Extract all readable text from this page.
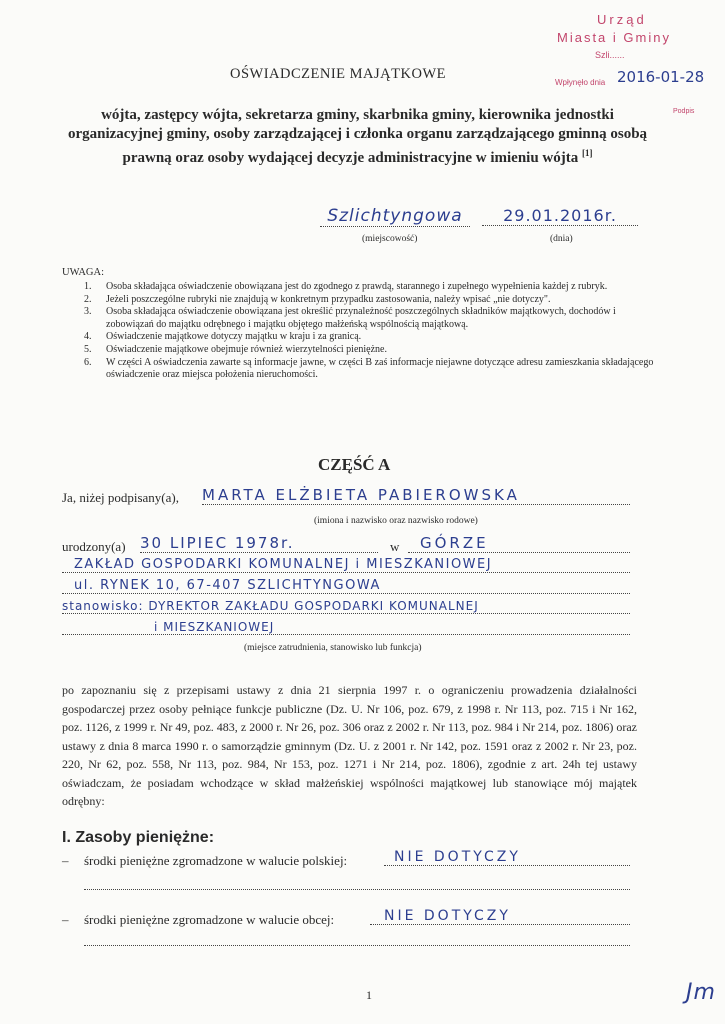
Urząd
Miasta i Gminy
Szli......
Wpłynęło dnia 2016-01-28
Podpis
OŚWIADCZENIE MAJĄTKOWE
wójta, zastępcy wójta, sekretarza gminy, skarbnika gminy, kierownika jednostki organizacyjnej gminy, osoby zarządzającej i członka organu zarządzającego gminną osobą prawną oraz osoby wydającej decyzje administracyjne w imieniu wójta [1]
Szlichtyngowa
(miejscowość)
29.01.2016r.
(dnia)
UWAGA:
1.	Osoba składająca oświadczenie obowiązana jest do zgodnego z prawdą, starannego i zupełnego wypełnienia każdej z rubryk.
2.	Jeżeli poszczególne rubryki nie znajdują w konkretnym przypadku zastosowania, należy wpisać „nie dotyczy".
3.	Osoba składająca oświadczenie obowiązana jest określić przynależność poszczególnych składników majątkowych, dochodów i zobowiązań do majątku odrębnego i majątku objętego małżeńską wspólnością majątkową.
4.	Oświadczenie majątkowe dotyczy majątku w kraju i za granicą.
5.	Oświadczenie majątkowe obejmuje również wierzytelności pieniężne.
6.	W części A oświadczenia zawarte są informacje jawne, w części B zaś informacje niejawne dotyczące adresu zamieszkania składającego oświadczenie oraz miejsca położenia nieruchomości.
CZĘŚĆ A
Ja, niżej podpisany(a), MARTA ELŻBIETA PABIEROWSKA
(imiona i nazwisko oraz nazwisko rodowe)
urodzony(a) 30 LIPIEC 1978r.	w	GÓRZE
ZAKŁAD GOSPODARKI KOMUNALNEJ i MIESZKANIOWEJ
ul. RYNEK 10, 67-407 SZLICHTYNGOWA
stanowisko: DYREKTOR ZAKŁADU GOSPODARKI KOMUNALNEJ
i MIESZKANIOWEJ
(miejsce zatrudnienia, stanowisko lub funkcja)
po zapoznaniu się z przepisami ustawy z dnia 21 sierpnia 1997 r. o ograniczeniu prowadzenia działalności gospodarczej przez osoby pełniące funkcje publiczne (Dz. U. Nr 106, poz. 679, z 1998 r. Nr 113, poz. 715 i Nr 162, poz. 1126, z 1999 r. Nr 49, poz. 483, z 2000 r. Nr 26, poz. 306 oraz z 2002 r. Nr 113, poz. 984 i Nr 214, poz. 1806) oraz ustawy z dnia 8 marca 1990 r. o samorządzie gminnym (Dz. U. z 2001 r. Nr 142, poz. 1591 oraz z 2002 r. Nr 23, poz. 220, Nr 62, poz. 558, Nr 113, poz. 984, Nr 153, poz. 1271 i Nr 214, poz. 1806), zgodnie z art. 24h tej ustawy oświadczam, że posiadam wchodzące w skład małżeńskiej wspólności majątkowej lub stanowiące mój majątek odrębny:
I. Zasoby pieniężne:
– środki pieniężne zgromadzone w walucie polskiej:	NIE DOTYCZY
– środki pieniężne zgromadzone w walucie obcej:	NIE DOTYCZY
1	Jm
